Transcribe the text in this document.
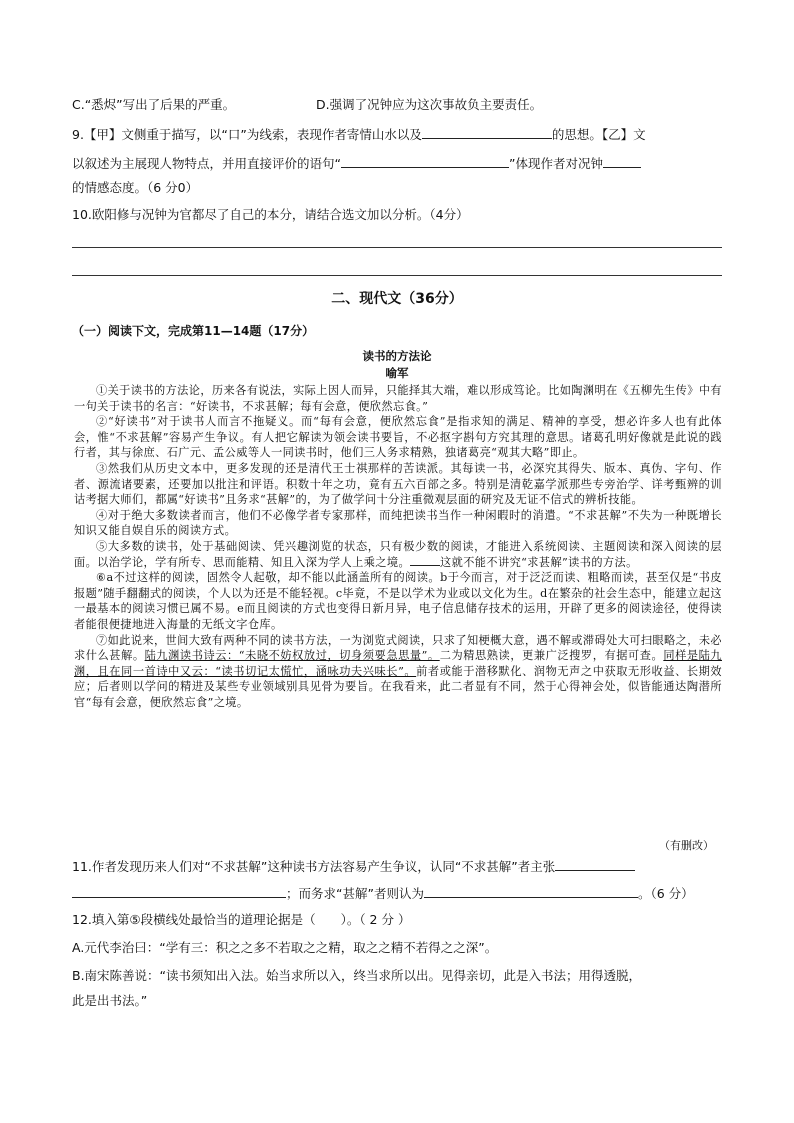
C.“悉烬”写出了后果的严重。	D.强调了况钟应为这次事故负主要责任。
9.【甲】文侧重于描写，以“口”为线索，表现作者寄情山水以及	的思想。【乙】文
以叙述为主展现人物特点，并用直接评价的语句“	”体现作者对况钟
的情感态度。（6 分0）
10.欧阳修与况钟为官都尽了自己的本分，请结合选文加以分析。（4分）
二、现代文（36分）
（一）阅读下文，完成第11—14题（17分）
读书的方法论
喻军

①关于读书的方法论，历来各有说法，实际上因人而异，只能择其大端，难以形成笃论。比如陶渊明在《五柳先生传》中有一句关于读书的名言：“好读书，不求甚解；每有会意，便欣然忘食。”

②“好读书”对于读书人而言不拖疑义。而“每有会意，便欣然忘食”是指求知的满足、精神的享受，想必许多人也有此体会，惟“不求甚解”容易产生争议。有人把它解读为领会读书要旨，不必抠字斟句方究其理的意思。诸葛孔明好像就是此说的践行者，其与徐庶、石广元、孟公威等人一同读书时，他们三人务求精熟，独诸葛亮“观其大略”即止。

③然我们从历史文本中，更多发现的还是清代王士祺那样的苦读派。其每读一书，必深究其得失、版本、真伪、字句、作者、源流诸要素，还要加以批注和评语。积数十年之功，竟有五六百部之多。特别是清乾嘉学派那些专旁治学、详考甄辨的训诂考据大师们，都属“好读书”且务求“甚解”的，为了做学问十分注重微观层面的研究及无证不信式的辨析技能。

④对于绝大多数读者而言，他们不必像学者专家那样，而纯把读书当作一种闲暇时的消遣。“不求甚解”不失为一种既增长知识又能自娱自乐的阅读方式。

⑤大多数的读书，处于基础阅读、凭兴趣浏览的状态，只有极少数的阅读，才能进入系统阅读、主题阅读和深入阅读的层面。以治学论，学有所专、思而能精、知且入深为学人上乘之境。	这就不能不讲究“求甚解”读书的方法。

⑥a不过这样的阅读，固然令人起敬，却不能以此涵盖所有的阅读。b于今而言，对于泛泛而读、粗略而读，甚至仅是“书皮报题”随手翻翻式的阅读，个人以为还是不能轻视。c毕竟，不是以学术为业或以文化为生。d在繁杂的社会生态中，能建立起这一最基本的阅读习惯已属不易。e而且阅读的方式也变得日新月异，电子信息储存技术的运用，开辟了更多的阅读途径，使得读者能很便捷地进入海量的无纸文字仓库。

⑦如此说来，世间大致有两种不同的读书方法，一为浏览式阅读，只求了知梗概大意，遇不解或滞碍处大可扫眼略之，未必求什么甚解。陆九渊读书诗云：“未晓不妨权放过，切身须要急思量”。二为精思熟读，更兼广泛搜罗，有据可查。同样是陆九渊，且在同一首诗中又云：“读书切记太慌忙，涵咏功夫兴味长”。前者或能于潜移默化、润物无声之中获取无形收益、长期效应；后者则以学问的精进及某些专业领域别具见骨为要旨。在我看来，此二者显有不同，然于心得神会处，似皆能通达陶潜所官“每有会意，便欣然忘食”之境。

（有删改）
11.作者发现历来人们对“不求甚解”这种读书方法容易产生争议，认同“不求甚解”者主张
；而务求“甚解”者则认为	。（6 分）
12.填入第⑤段横线处最恰当的道理论据是（　　）。（ 2 分 ）
A.元代李治曰：“学有三：积之之多不若取之之精，取之之精不若得之之深”。
B.南宋陈善说：“读书须知出入法。始当求所以入，终当求所以出。见得亲切，此是入书法；用得透脱，
此是出书法。”
